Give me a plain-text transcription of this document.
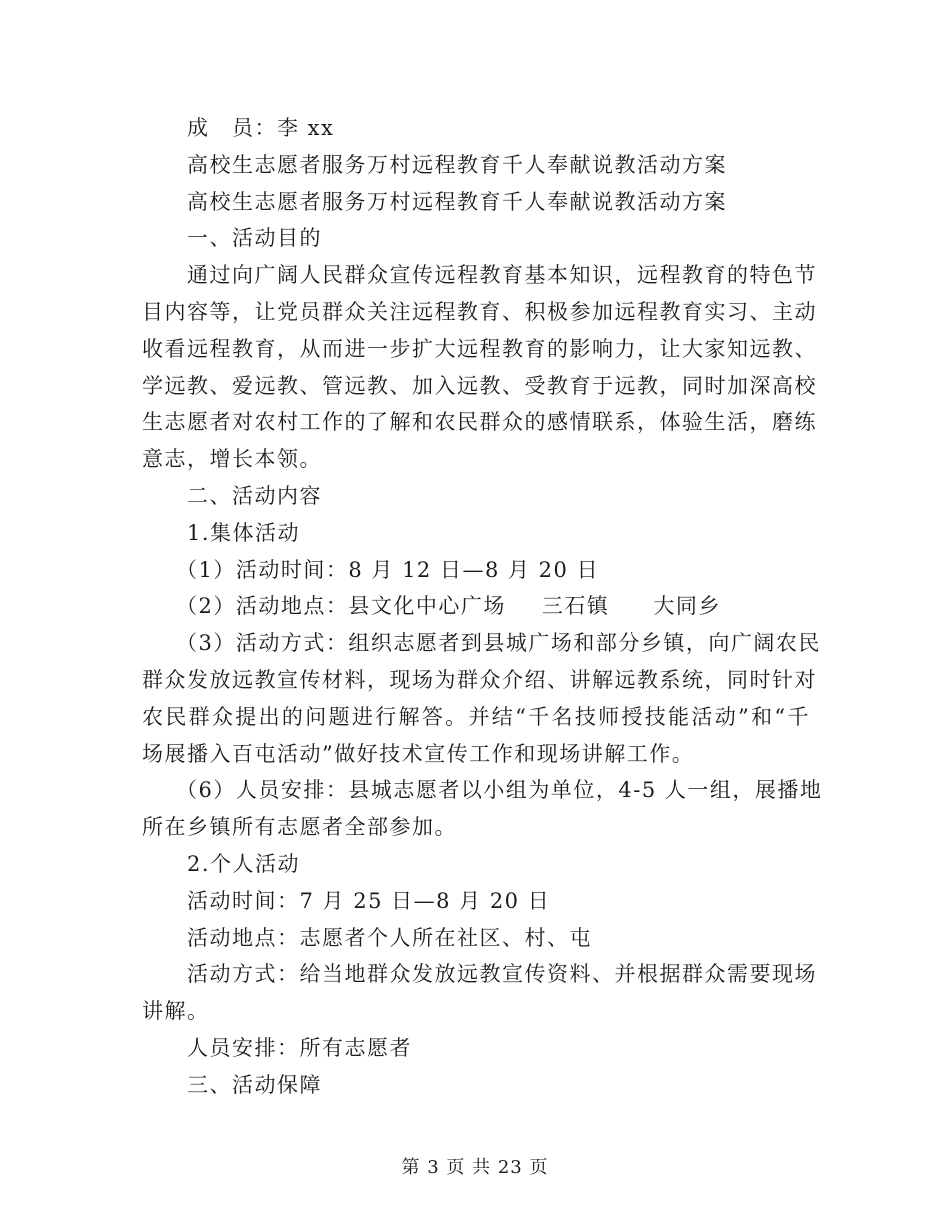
成　员：李 xx
高校生志愿者服务万村远程教育千人奉献说教活动方案
高校生志愿者服务万村远程教育千人奉献说教活动方案
一、活动目的
通过向广阔人民群众宣传远程教育基本知识，远程教育的特色节
目内容等，让党员群众关注远程教育、积极参加远程教育实习、主动
收看远程教育，从而进一步扩大远程教育的影响力，让大家知远教、
学远教、爱远教、管远教、加入远教、受教育于远教，同时加深高校
生志愿者对农村工作的了解和农民群众的感情联系，体验生活，磨练
意志，增长本领。
二、活动内容
1.集体活动
（1）活动时间：8 月 12 日—8 月 20 日
（2）活动地点：县文化中心广场 三石镇 大同乡
（3）活动方式：组织志愿者到县城广场和部分乡镇，向广阔农民
群众发放远教宣传材料，现场为群众介绍、讲解远教系统，同时针对
农民群众提出的问题进行解答。并结“千名技师授技能活动”和“千
场展播入百屯活动”做好技术宣传工作和现场讲解工作。
（6）人员安排：县城志愿者以小组为单位，4-5 人一组，展播地
所在乡镇所有志愿者全部参加。
2.个人活动
活动时间：7 月 25 日—8 月 20 日
活动地点：志愿者个人所在社区、村、屯
活动方式：给当地群众发放远教宣传资料、并根据群众需要现场
讲解。
人员安排：所有志愿者
三、活动保障
第 3 页 共 23 页
